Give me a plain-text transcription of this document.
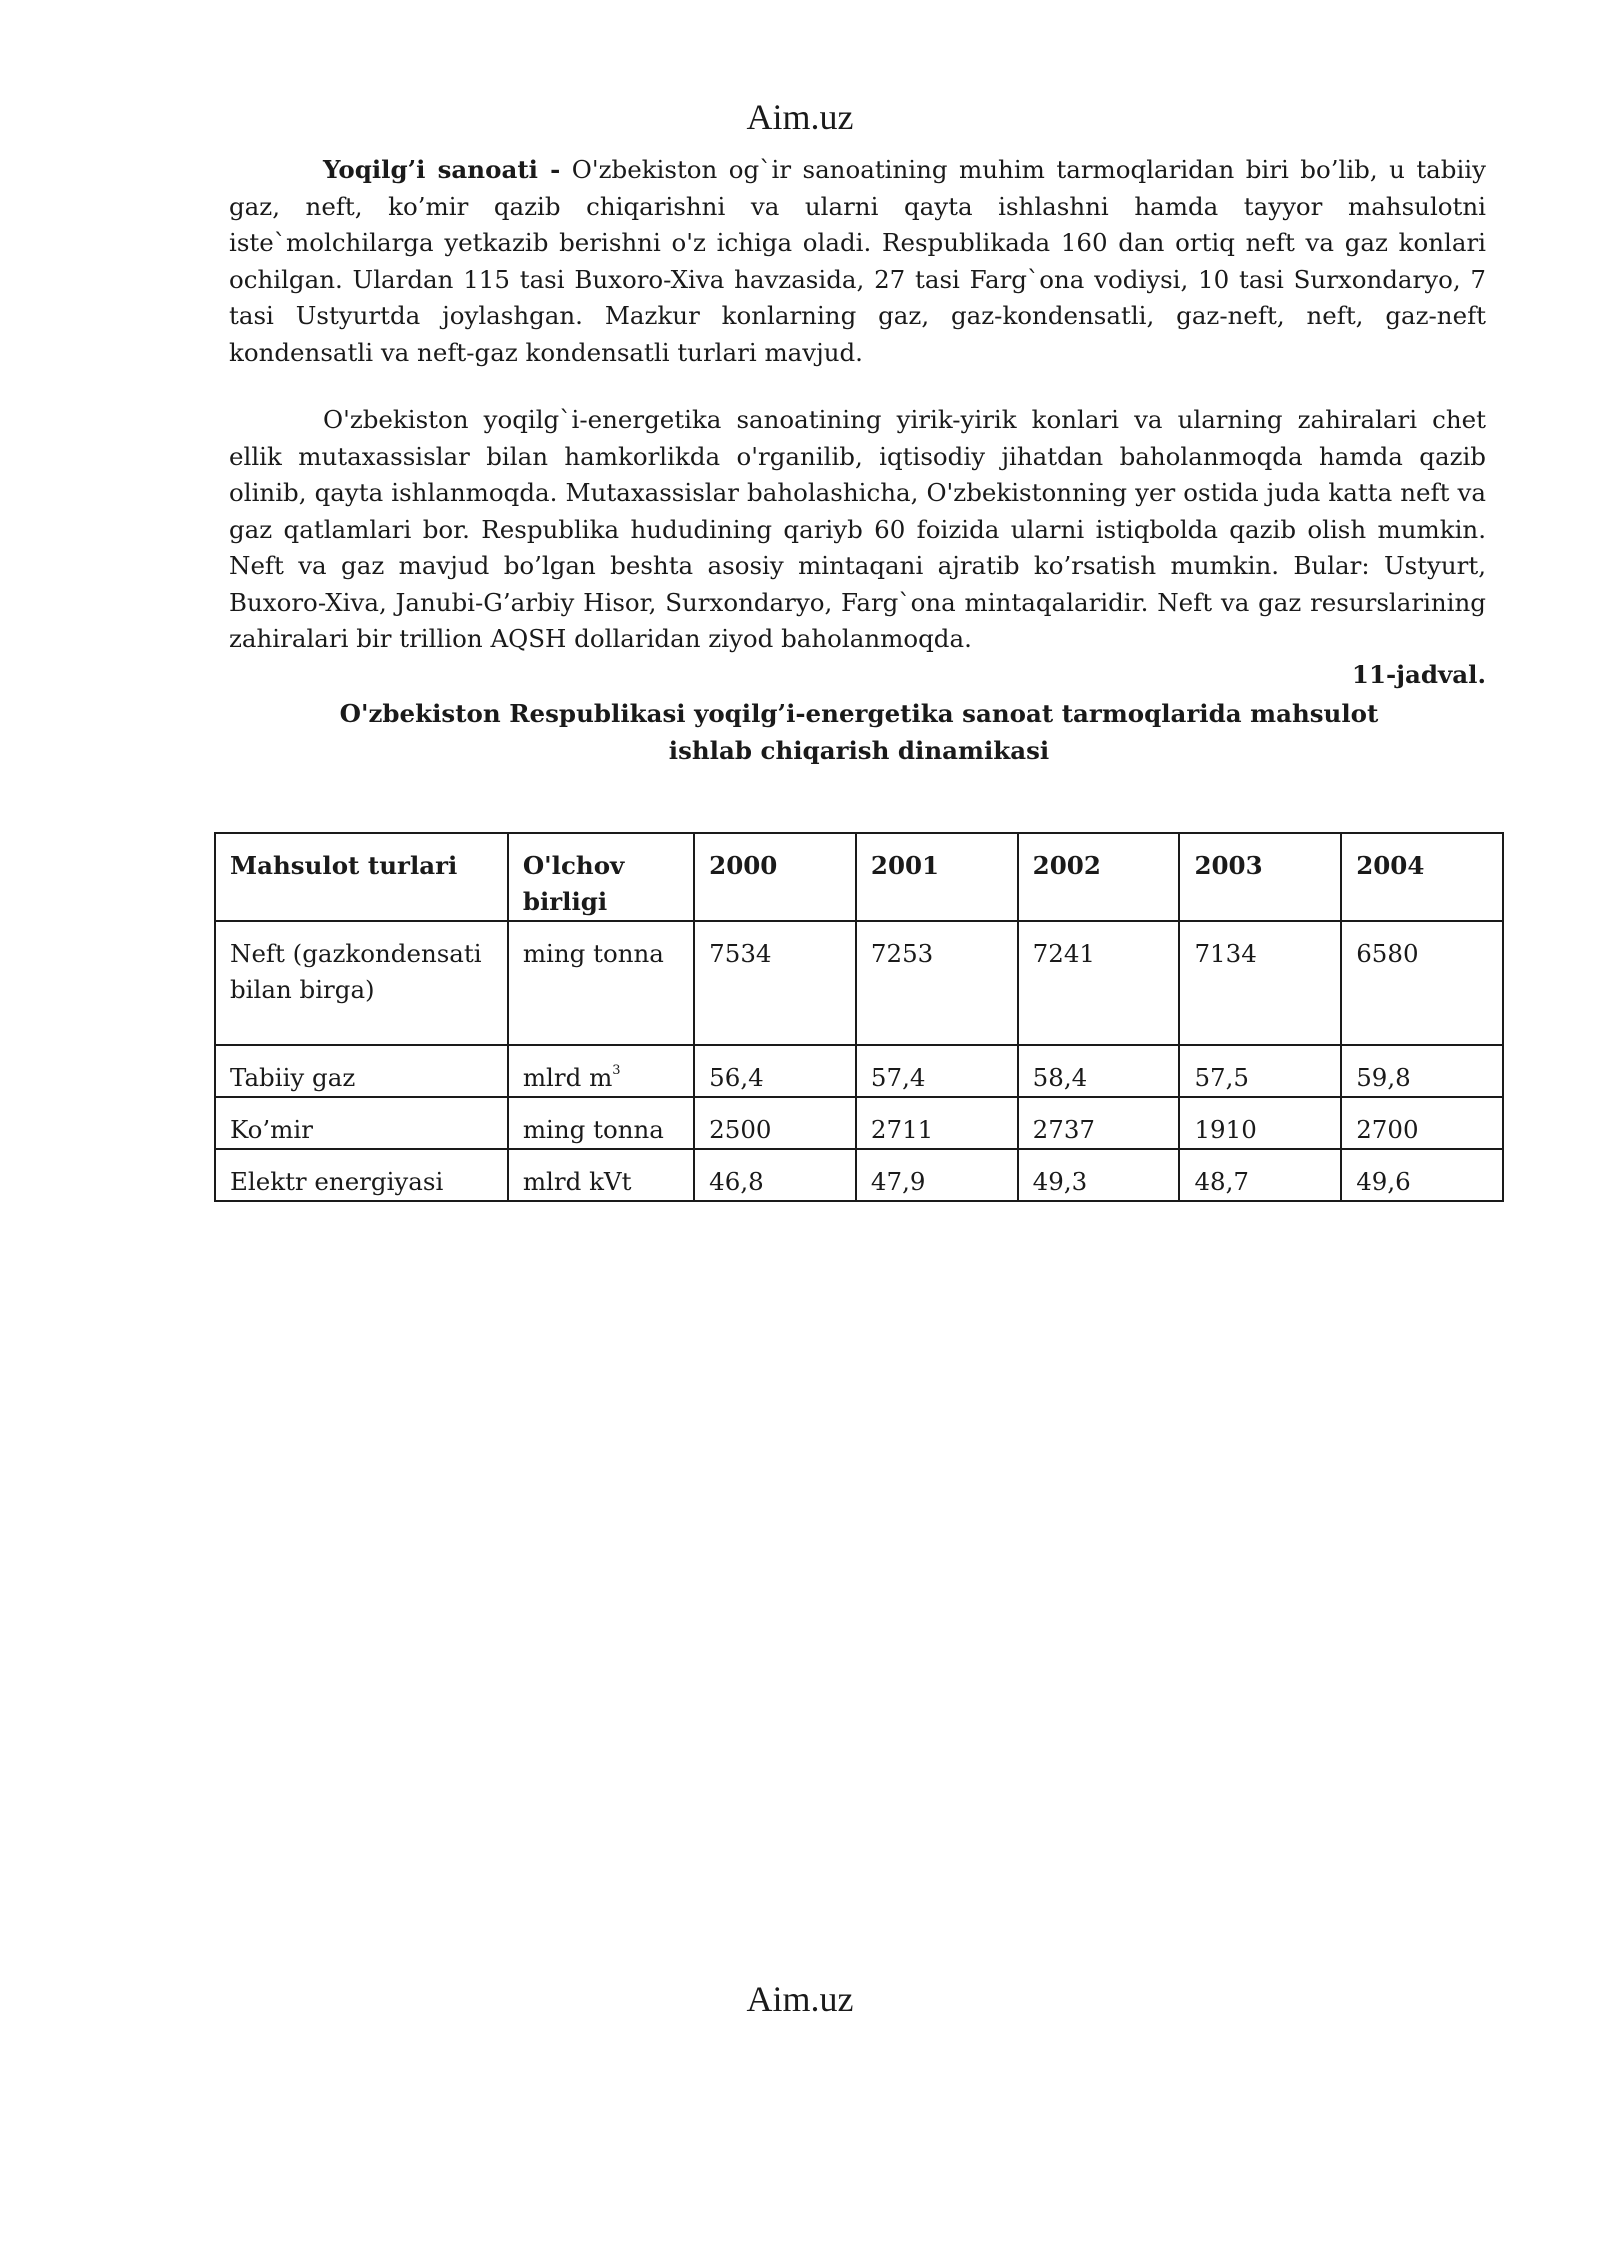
Aim.uz

Yoqilg’i sanoati - O'zbekiston og`ir sanoatining muhim tarmoqlaridan biri bo’lib, u tabiiy gaz, neft, ko’mir qazib chiqarishni va ularni qayta ishlashni hamda tayyor mahsulotni iste`molchilarga yetkazib berishni o'z ichiga oladi. Respublikada 160 dan ortiq neft va gaz konlari ochilgan. Ulardan 115 tasi Buxoro-Xiva havzasida, 27 tasi Farg`ona vodiysi, 10 tasi Surxondaryo, 7 tasi Ustyurtda joylashgan. Mazkur konlarning gaz, gaz-kondensatli, gaz-neft, neft, gaz-neft kondensatli va neft-gaz kondensatli turlari mavjud.

O'zbekiston yoqilg`i-energetika sanoatining yirik-yirik konlari va ularning zahiralari chet ellik mutaxassislar bilan hamkorlikda o'rganilib, iqtisodiy jihatdan baholanmoqda hamda qazib olinib, qayta ishlanmoqda. Mutaxassislar baholashicha, O'zbekistonning yer ostida juda katta neft va gaz qatlamlari bor. Respublika hududining qariyb 60 foizida ularni istiqbolda qazib olish mumkin. Neft va gaz mavjud bo’lgan beshta asosiy mintaqani ajratib ko’rsatish mumkin. Bular: Ustyurt, Buxoro-Xiva, Janubi-G’arbiy Hisor, Surxondaryo, Farg`ona mintaqalaridir. Neft va gaz resurslarining zahiralari bir trillion AQSH dollaridan ziyod baholanmoqda.

11-jadval.
O'zbekiston Respublikasi yoqilg’i-energetika sanoat tarmoqlarida mahsulot ishlab chiqarish dinamikasi
Mahsulot turlari	O'lchov birligi	2000	2001	2002	2003	2004
Neft (gazkondensati bilan birga)	ming tonna	7534	7253	7241	7134	6580
Tabiiy gaz	mlrd $m^3$	56,4	57,4	58,4	57,5	59,8
Ko’mir	ming tonna	2500	2711	2737	1910	2700
Elektr energiyasi	mlrd kVt	46,8	47,9	49,3	48,7	49,6
Aim.uz
